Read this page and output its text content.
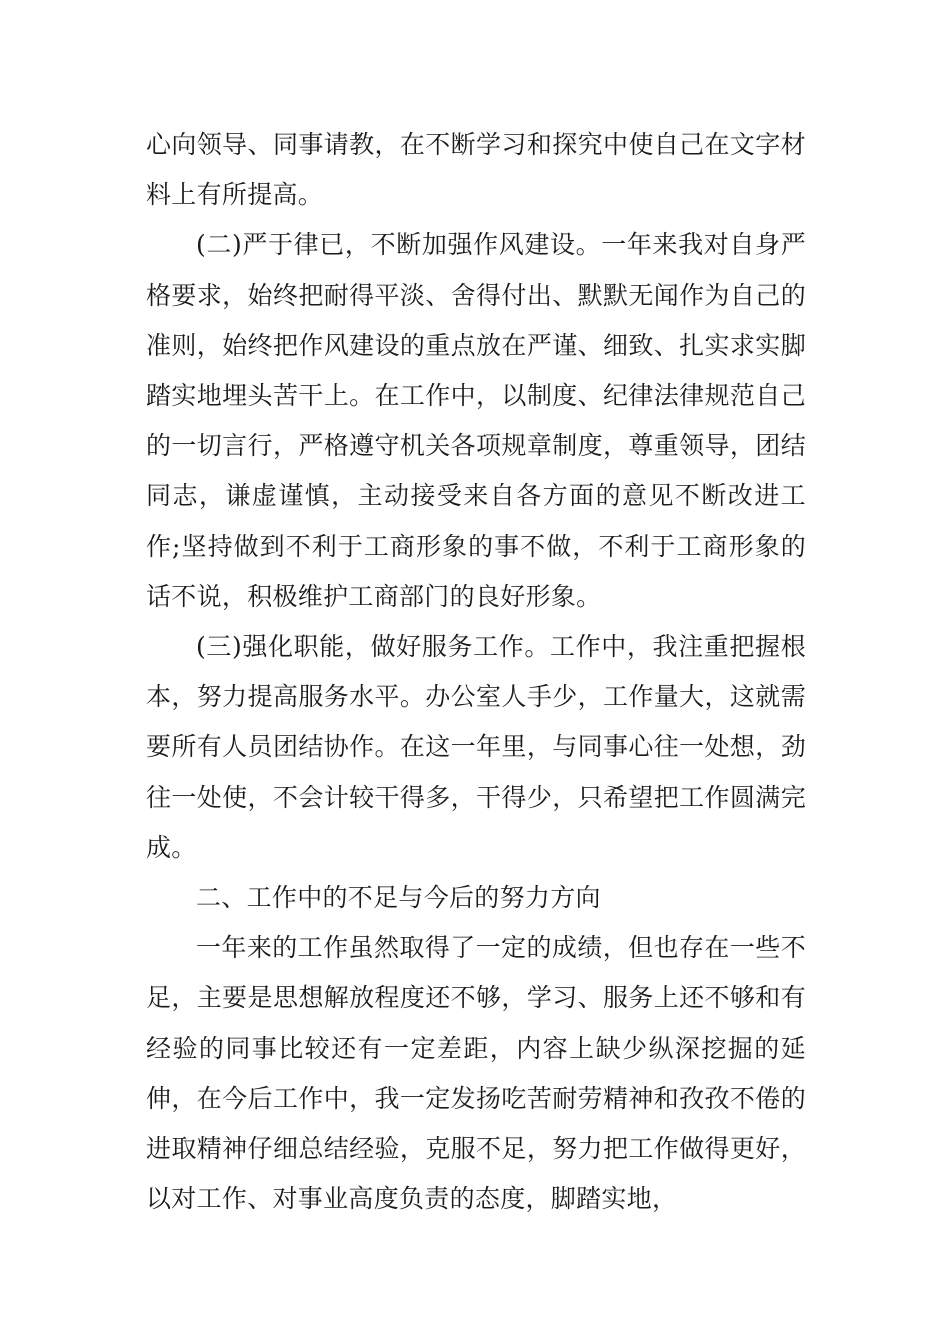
心向领导、同事请教，在不断学习和探究中使自己在文字材料上有所提高。

(二)严于律已，不断加强作风建设。一年来我对自身严格要求，始终把耐得平淡、舍得付出、默默无闻作为自己的准则，始终把作风建设的重点放在严谨、细致、扎实求实脚踏实地埋头苦干上。在工作中，以制度、纪律法律规范自己的一切言行，严格遵守机关各项规章制度，尊重领导，团结同志，谦虚谨慎，主动接受来自各方面的意见不断改进工作;坚持做到不利于工商形象的事不做，不利于工商形象的话不说，积极维护工商部门的良好形象。

(三)强化职能，做好服务工作。工作中，我注重把握根本，努力提高服务水平。办公室人手少，工作量大，这就需要所有人员团结协作。在这一年里，与同事心往一处想，劲往一处使，不会计较干得多，干得少，只希望把工作圆满完成。

二、工作中的不足与今后的努力方向

一年来的工作虽然取得了一定的成绩，但也存在一些不足，主要是思想解放程度还不够，学习、服务上还不够和有经验的同事比较还有一定差距，内容上缺少纵深挖掘的延伸，在今后工作中，我一定发扬吃苦耐劳精神和孜孜不倦的进取精神仔细总结经验，克服不足，努力把工作做得更好，以对工作、对事业高度负责的态度，脚踏实地，
